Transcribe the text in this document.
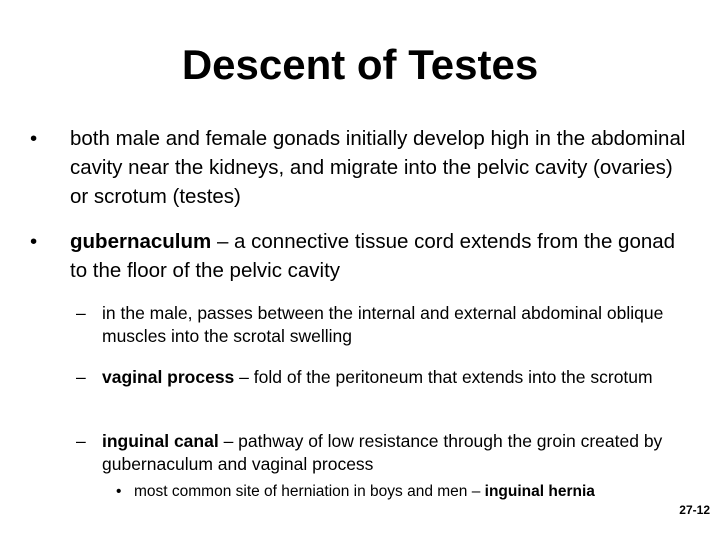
Descent of Testes
• both male and female gonads initially develop high in the abdominal cavity near the kidneys, and migrate into the pelvic cavity (ovaries) or scrotum (testes)
• gubernaculum – a connective tissue cord extends from the gonad to the floor of the pelvic cavity
– in the male, passes between the internal and external abdominal oblique muscles into the scrotal swelling
– vaginal process – fold of the peritoneum that extends into the scrotum
– inguinal canal – pathway of low resistance through the groin created by gubernaculum and vaginal process
• most common site of herniation in boys and men – inguinal hernia
27-12
